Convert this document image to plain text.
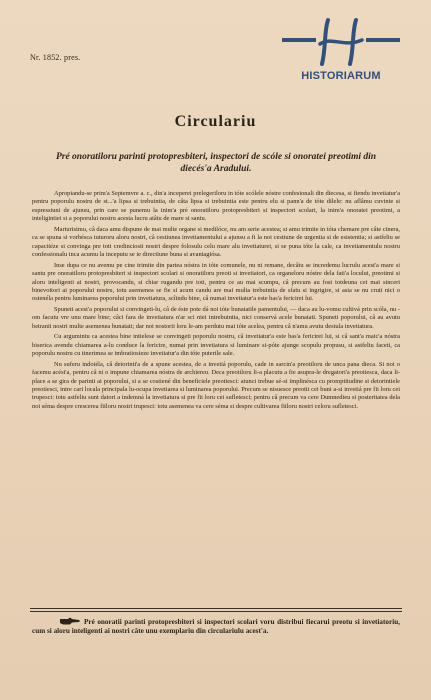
Nr. 1852. pres.
HISTORIARUM
Circulariu
Pré onoratiloru parinti protopresbiteri, inspectori de scóle si onoratei preotimi din diecés'a Aradului.

Apropiandu-se prim'a Septemvre a. c., din'a inceperei prelegeriloru in tóte scólele nóstre confesionali din diecesa, si fiendu invetiatur'a pentru poporulu nostru de st...'a lipsa si trebuintia, de câta lipsa si trebuintia este pentru elu si pann'a de tóte dilele: nu aflâmu cuvinte si espressiuni de ajunsu, prin care se punemu la inim'a pré onoratiloru protopresbiteri si inspectori scolari, la inim'a onoratei preotimi, a inteligintiei si a poporului nostru acesta lucru atâtu de mare si santu.

Marturisimu, câ daca amu dispune de mai multe organe si medilóce, nu am serie acestea; si amu trimite in tóta chemare pre câte cinera, ca se spuna si vorbésca tuturoru aloru nostri, câ cestiunea invetiamentului a ajunsu a fi la noi cestiune de urgentia si de esistentia; si astfeliu se capacitéze si convinga pre toti credinciosii nostri despre folosulu celu mare alu invetiaturei, si se puna tóte la cale, ca invetiamentulu nostru confessionalu inca acumu la inceputu se ie directiune buna si avantagiósa.

Inse dupa ce nu avemu pe cine trimite din partea nóstra in tóte comunele, nu ni remane, decâtu se incredemu lucrulu acest'a mare si santu pre onoratiloru protopresbiteri si inspectori scolari si onoratiloru preoti si invetiatori, ca organeloru nóstre dela fati'a locului, preotimi si aloru inteligenti ai nostri, provocandu, si chiar rugandu pre toti, pentru ce au mai scumpu, câ precum au fost totdeuna cei mai sinceri binevoitori ai poporului nostru, totu asemenea se fie si acum candu are mai multa trebuintia de sfatu si ingrigire, si asia se nu cruti nici o ostenéla pentru luminarea poporului prin invetiatura, scîindu bine, câ numai invetiatur'a este bas'a fericirei lui.

Spuneti acest'a poporului si convingeti-lu, câ de éste pote dá noi tóte bunatatile pamentului, — daca au lu-vomu cultivá prin scóla, nu -om facutu vre unu mare bine; câci fara de invetiatura n'ar sci niei intrebuintia, nici conservá acele bunatati. Spuneti poporului, câ au avutu betranii nostri multe asemenea bunatati; dar noi nostorii loru le-am perdutu mai tóte acelea, pentru câ n'amu avutu destula invetiatura.

Cu argumintu ca acestea bine intielese se convingeti poporulu nostru, câ invetiatur'a este bas'a fericirei lui, si câ sant'a maic'a nóstra biserica avendu chiamarea a-lu conduce la fericire, numai prin invetiatura si luminare si-póte ajunge scopulu propusu, si astfeliu faceti, ca poporulu nostru cu tinerimea se imbratiosieze invetiatur'a din tóte puterile sale.

Nu suferu indoiéla, câ detorinti'a de a spune acestea, de a invetiá poporulu, cade in sarcin'a preotiloru de unca pana dieca. Si noi o facemu acést'a, pentru câ ni o impune chiamarea nóstra de archiereu. Deca preotiloru li-a placutu a fie asupra-le dregatori'a preotiesca, daca li-place a se gira de parinti ai poporului, si a se costiené din beneficiele preotiesci: atunci trebue sé-si implinésca cu promptitudine si detorintiele preotiesci, intre cari locala principala lu-ocupa invetiarea si luminarea poporului. Precum se nisuesce preotii cei buni a-si invetiá pre fii loru cei trupesci: totu astfeliu sunt datori a indemná la invetiatura si pre fii loru cei sufletesci; pentru câ precum va cere Dumnedieu si posteritatea dela noi séma despre crescerea fiiloru nostri trupesci: totu asemenea va cere séma si despre cultivarea fiiloru nostri celoru sufletesci.

Pré onoratii parinti protopresbiteri si inspectori scolari voru distribui fiecarui preotu si invetiatoriu, cum si aloru inteligenti ai nostri câte unu exemplariu din circulariulu acest'a.
